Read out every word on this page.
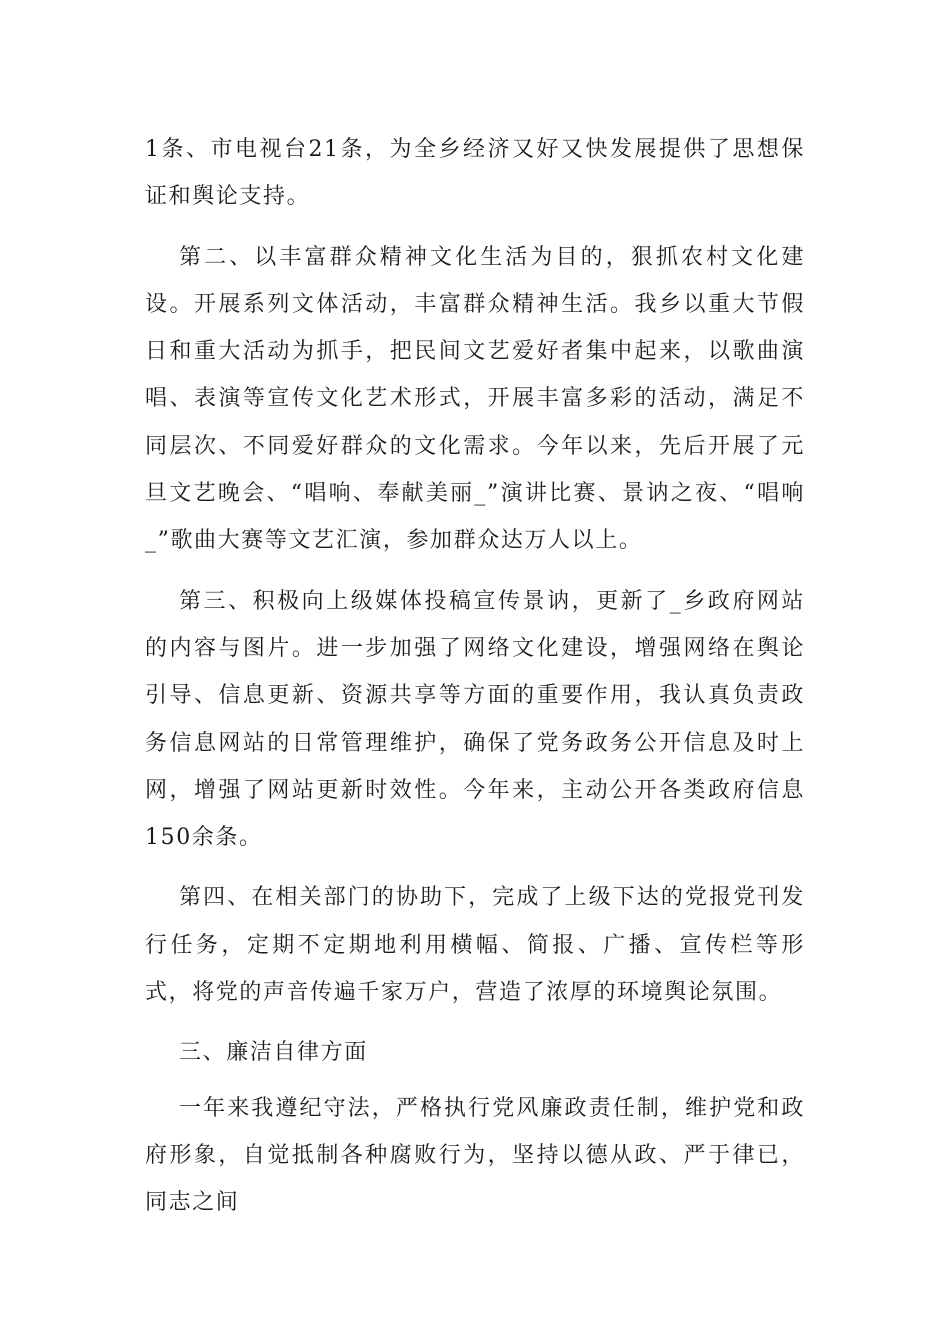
1条、市电视台21条，为全乡经济又好又快发展提供了思想保证和舆论支持。

第二、以丰富群众精神文化生活为目的，狠抓农村文化建设。开展系列文体活动，丰富群众精神生活。我乡以重大节假日和重大活动为抓手，把民间文艺爱好者集中起来，以歌曲演唱、表演等宣传文化艺术形式，开展丰富多彩的活动，满足不同层次、不同爱好群众的文化需求。今年以来，先后开展了元旦文艺晚会、“唱响、奉献美丽_”演讲比赛、景讷之夜、“唱响_”歌曲大赛等文艺汇演，参加群众达万人以上。

第三、积极向上级媒体投稿宣传景讷，更新了_乡政府网站的内容与图片。进一步加强了网络文化建设，增强网络在舆论引导、信息更新、资源共享等方面的重要作用，我认真负责政务信息网站的日常管理维护，确保了党务政务公开信息及时上网，增强了网站更新时效性。今年来，主动公开各类政府信息150余条。

第四、在相关部门的协助下，完成了上级下达的党报党刊发行任务，定期不定期地利用横幅、简报、广播、宣传栏等形式，将党的声音传遍千家万户，营造了浓厚的环境舆论氛围。

三、廉洁自律方面

一年来我遵纪守法，严格执行党风廉政责任制，维护党和政府形象，自觉抵制各种腐败行为，坚持以德从政、严于律已，同志之间
